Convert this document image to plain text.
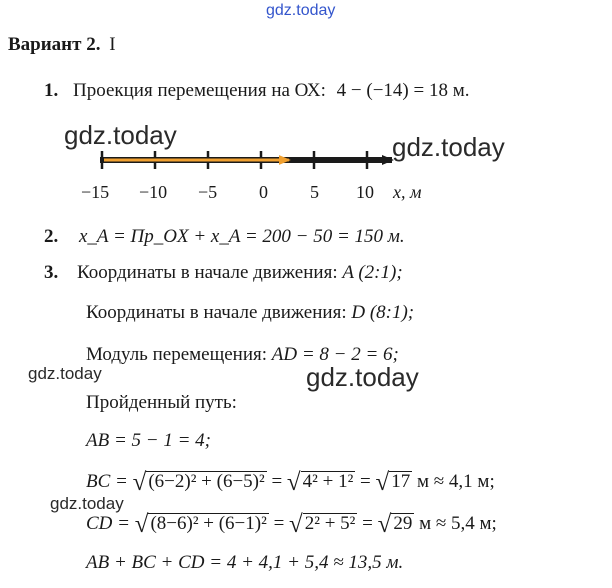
gdz.today
Вариант 2. I
1. Проекция перемещения на ОХ: 4 − (−14) = 18 м.
gdz.today	gdz.today
−15 −10 −5 0 5 10 x, м
2. x_A = Пр_OX + x_A = 200 − 50 = 150 м.
3. Координаты в начале движения: A (2:1);
Координаты в начале движения: D (8:1);
Модуль перемещения: AD = 8 − 2 = 6;
gdz.today	gdz.today
Пройденный путь:
AB = 5 − 1 = 4;
BC = √ (6−2)² + (6−5)² = √ 4² + 1² = √ 17 м ≈ 4,1 м;
gdz.today
CD = √ (8−6)² + (6−1)² = √ 2² + 5² = √ 29 м ≈ 5,4 м;
AB + BC + CD = 4 + 4,1 + 5,4 ≈ 13,5 м.
